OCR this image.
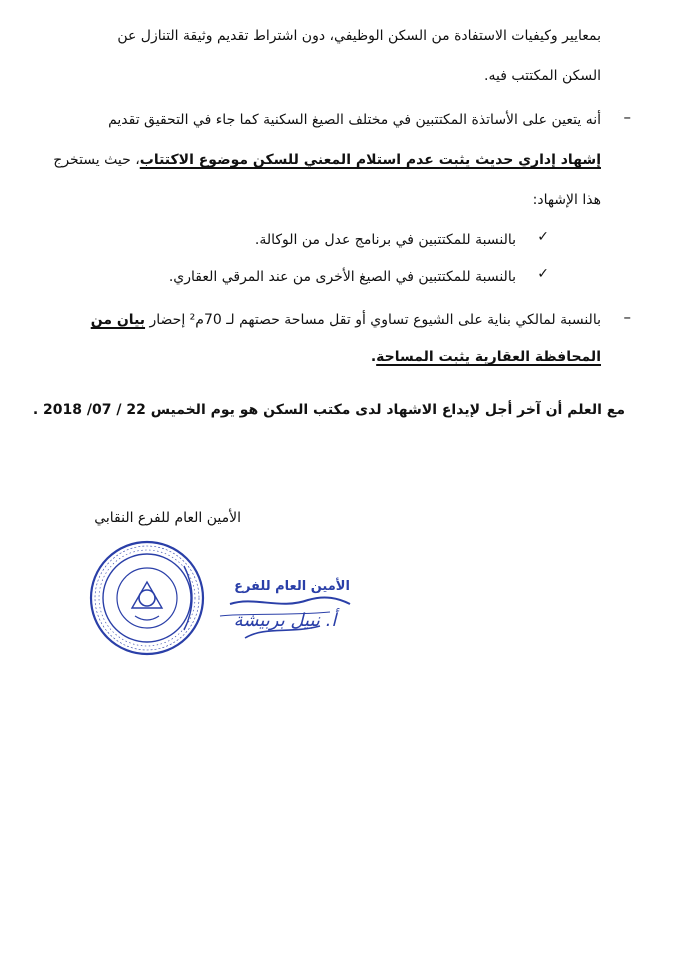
بمعايير وكيفيات الاستفادة من السكن الوظيفي، دون اشتراط تقديم وثيقة التنازل عن
السكن المكتتب فيه.
–
أنه يتعين على الأساتذة المكتتبين في مختلف الصيغ السكنية كما جاء في التحقيق تقديم
إشهاد إداري حديث يثبت عدم استلام المعني للسكن موضوع الاكتتاب، حيث يستخرج
هذا الإشهاد:
✓
بالنسبة للمكتتبين في برنامج عدل من الوكالة.
✓
بالنسبة للمكتتبين في الصيغ الأخرى من عند المرقي العقاري.
–
بالنسبة لمالكي بناية على الشيوع تساوي أو تقل مساحة حصتهم لـ 70م² إحضار بيان من
المحافظة العقارية يثبت المساحة.
مع العلم أن آخر أجل لإيداع الاشهاد لدى مكتب السكن هو يوم الخميس 22 / 07/ 2018 .
الأمين العام للفرع النقابي
الأمين العام للفرع
أ. نبيل بربيشة
